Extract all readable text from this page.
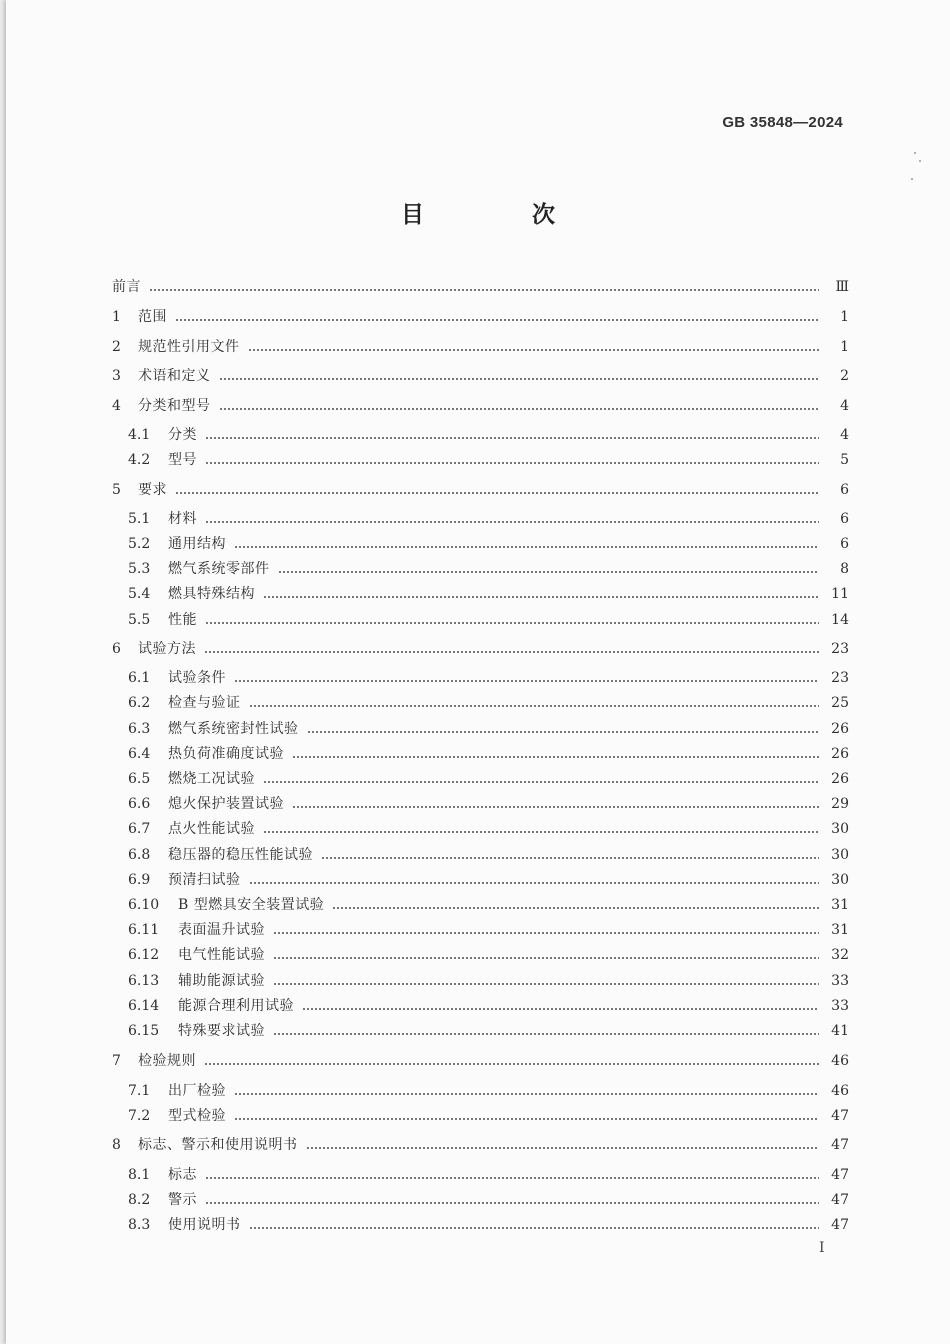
GB 35848—2024
目 次
前言	Ⅲ
1 范围	1
2 规范性引用文件	1
3 术语和定义	2
4 分类和型号	4
4.1 分类	4
4.2 型号	5
5 要求	6
5.1 材料	6
5.2 通用结构	6
5.3 燃气系统零部件	8
5.4 燃具特殊结构	11
5.5 性能	14
6 试验方法	23
6.1 试验条件	23
6.2 检查与验证	25
6.3 燃气系统密封性试验	26
6.4 热负荷准确度试验	26
6.5 燃烧工况试验	26
6.6 熄火保护装置试验	29
6.7 点火性能试验	30
6.8 稳压器的稳压性能试验	30
6.9 预清扫试验	30
6.10 B 型燃具安全装置试验	31
6.11 表面温升试验	31
6.12 电气性能试验	32
6.13 辅助能源试验	33
6.14 能源合理利用试验	33
6.15 特殊要求试验	41
7 检验规则	46
7.1 出厂检验	46
7.2 型式检验	47
8 标志、警示和使用说明书	47
8.1 标志	47
8.2 警示	47
8.3 使用说明书	47
I
